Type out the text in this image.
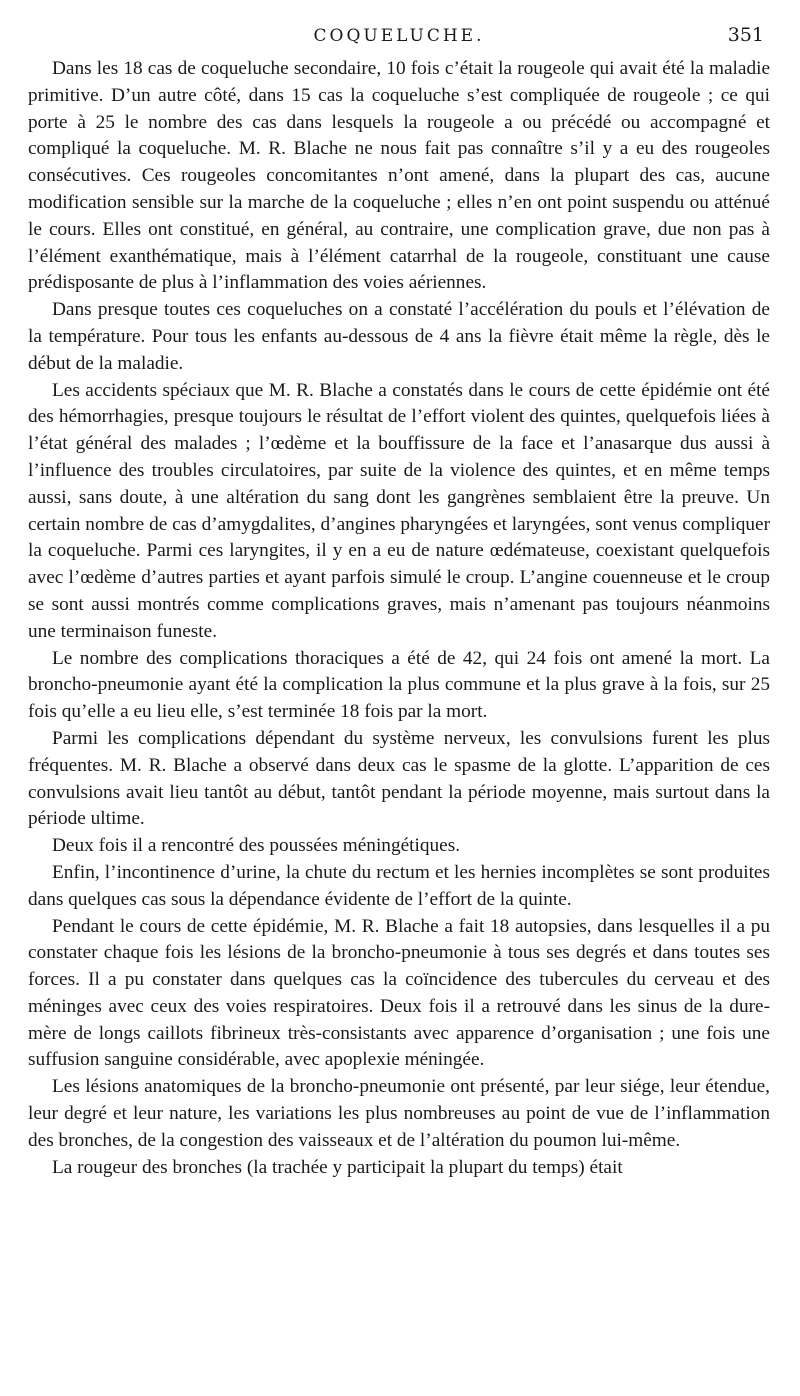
COQUELUCHE.	351

Dans les 18 cas de coqueluche secondaire, 10 fois c’était la rougeole qui avait été la maladie primitive. D’un autre côté, dans 15 cas la coqueluche s’est compliquée de rougeole ; ce qui porte à 25 le nombre des cas dans lesquels la rougeole a ou précédé ou accompagné et compliqué la coqueluche. M. R. Blache ne nous fait pas connaître s’il y a eu des rougeoles consécutives. Ces rougeoles concomitantes n’ont amené, dans la plupart des cas, aucune modification sensible sur la marche de la coqueluche ; elles n’en ont point suspendu ou atténué le cours. Elles ont constitué, en général, au contraire, une complication grave, due non pas à l’élément exanthématique, mais à l’élément catarrhal de la rougeole, constituant une cause prédisposante de plus à l’inflammation des voies aériennes.

Dans presque toutes ces coqueluches on a constaté l’accélération du pouls et l’élévation de la température. Pour tous les enfants au-dessous de 4 ans la fièvre était même la règle, dès le début de la maladie.

Les accidents spéciaux que M. R. Blache a constatés dans le cours de cette épidémie ont été des hémorrhagies, presque toujours le résultat de l’effort violent des quintes, quelquefois liées à l’état général des malades ; l’œdème et la bouffissure de la face et l’anasarque dus aussi à l’influence des troubles circulatoires, par suite de la violence des quintes, et en même temps aussi, sans doute, à une altération du sang dont les gangrènes semblaient être la preuve. Un certain nombre de cas d’amygdalites, d’angines pharyngées et laryngées, sont venus compliquer la coqueluche. Parmi ces laryngites, il y en a eu de nature œdémateuse, coexistant quelquefois avec l’œdème d’autres parties et ayant parfois simulé le croup. L’angine couenneuse et le croup se sont aussi montrés comme complications graves, mais n’amenant pas toujours néanmoins une terminaison funeste.

Le nombre des complications thoraciques a été de 42, qui 24 fois ont amené la mort. La broncho-pneumonie ayant été la complication la plus commune et la plus grave à la fois, sur 25 fois qu’elle a eu lieu elle, s’est terminée 18 fois par la mort.

Parmi les complications dépendant du système nerveux, les convulsions furent les plus fréquentes. M. R. Blache a observé dans deux cas le spasme de la glotte. L’apparition de ces convulsions avait lieu tantôt au début, tantôt pendant la période moyenne, mais surtout dans la période ultime.

Deux fois il a rencontré des poussées méningétiques.

Enfin, l’incontinence d’urine, la chute du rectum et les hernies incomplètes se sont produites dans quelques cas sous la dépendance évidente de l’effort de la quinte.

Pendant le cours de cette épidémie, M. R. Blache a fait 18 autopsies, dans lesquelles il a pu constater chaque fois les lésions de la broncho-pneumonie à tous ses degrés et dans toutes ses forces. Il a pu constater dans quelques cas la coïncidence des tubercules du cerveau et des méninges avec ceux des voies respiratoires. Deux fois il a retrouvé dans les sinus de la dure-mère de longs caillots fibrineux très-consistants avec apparence d’organisation ; une fois une suffusion sanguine considérable, avec apoplexie méningée.

Les lésions anatomiques de la broncho-pneumonie ont présenté, par leur siége, leur étendue, leur degré et leur nature, les variations les plus nombreuses au point de vue de l’inflammation des bronches, de la congestion des vaisseaux et de l’altération du poumon lui-même.

La rougeur des bronches (la trachée y participait la plupart du temps) était
